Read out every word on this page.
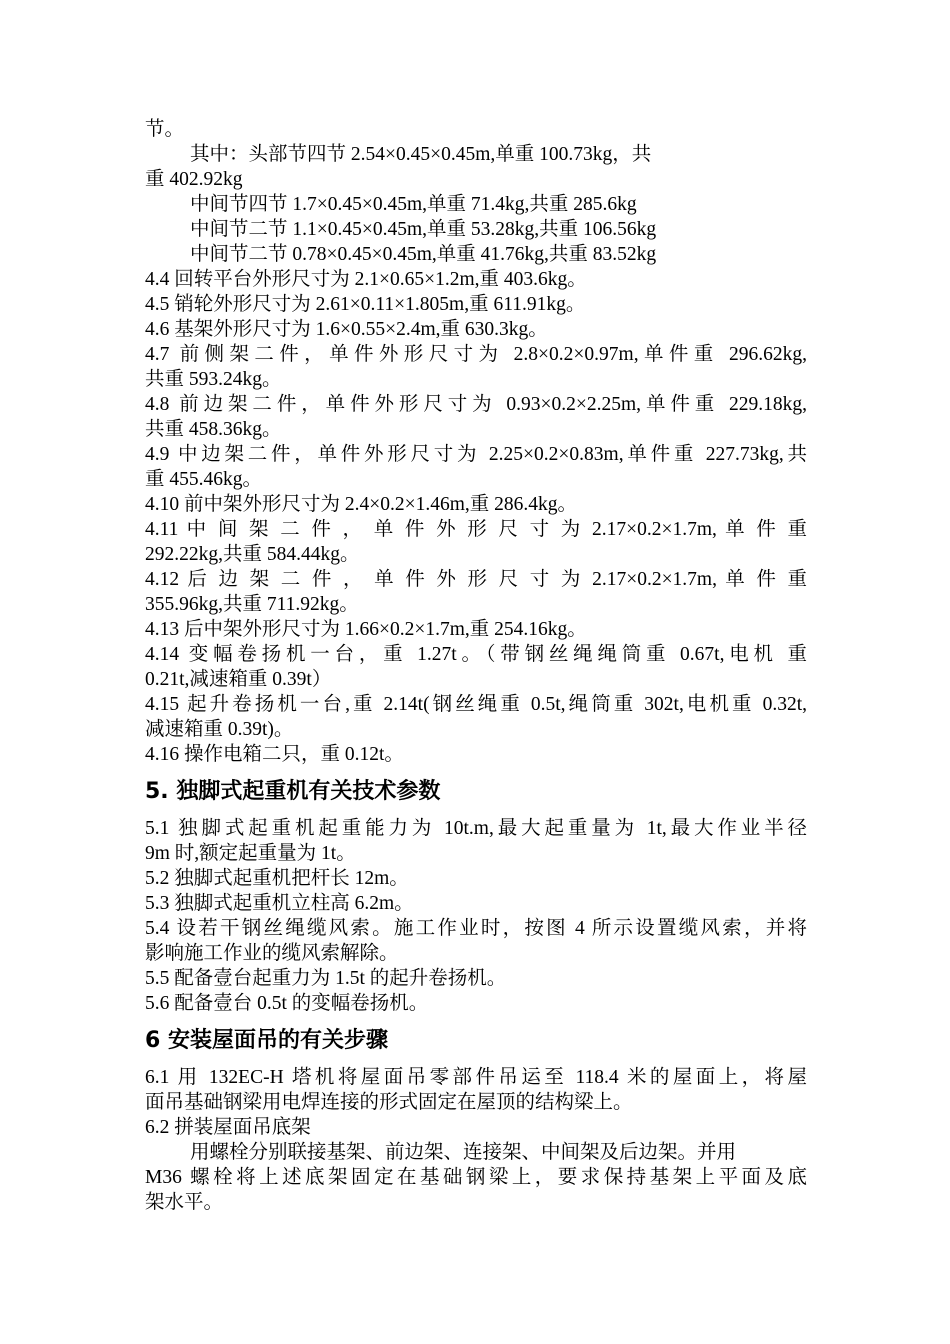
节。
其中：头部节四节 2.54×0.45×0.45m,单重 100.73kg，共
重 402.92kg
中间节四节 1.7×0.45×0.45m,单重 71.4kg,共重 285.6kg
中间节二节 1.1×0.45×0.45m,单重 53.28kg,共重 106.56kg
中间节二节 0.78×0.45×0.45m,单重 41.76kg,共重 83.52kg
4.4 回转平台外形尺寸为 2.1×0.65×1.2m,重 403.6kg。
4.5 销轮外形尺寸为 2.61×0.11×1.805m,重 611.91kg。
4.6 基架外形尺寸为 1.6×0.55×2.4m,重 630.3kg。
4.7 前侧架二件，单件外形尺寸为 2.8×0.2×0.97m,单件重 296.62kg,
共重 593.24kg。
4.8 前边架二件，单件外形尺寸为 0.93×0.2×2.25m,单件重 229.18kg,
共重 458.36kg。
4.9 中边架二件，单件外形尺寸为 2.25×0.2×0.83m,单件重 227.73kg,共
重 455.46kg。
4.10 前中架外形尺寸为 2.4×0.2×1.46m,重 286.4kg。
4.11 中 间 架 二 件 ， 单 件 外 形 尺 寸 为 2.17×0.2×1.7m, 单 件 重
292.22kg,共重 584.44kg。
4.12 后 边 架 二 件 ， 单 件 外 形 尺 寸 为 2.17×0.2×1.7m, 单 件 重
355.96kg,共重 711.92kg。
4.13 后中架外形尺寸为 1.66×0.2×1.7m,重 254.16kg。
4.14 变幅卷扬机一台，重 1.27t。（带钢丝绳绳筒重 0.67t,电机 重
0.21t,减速箱重 0.39t）
4.15 起升卷扬机一台,重 2.14t(钢丝绳重 0.5t,绳筒重 302t,电机重 0.32t,
减速箱重 0.39t)。
4.16 操作电箱二只，重 0.12t。
5. 独脚式起重机有关技术参数
5.1 独脚式起重机起重能力为 10t.m,最大起重量为 1t,最大作业半径
9m 时,额定起重量为 1t。
5.2 独脚式起重机把杆长 12m。
5.3 独脚式起重机立柱高 6.2m。
5.4 设若干钢丝绳缆风索。施工作业时，按图 4 所示设置缆风索，并将
影响施工作业的缆风索解除。
5.5 配备壹台起重力为 1.5t 的起升卷扬机。
5.6 配备壹台 0.5t 的变幅卷扬机。
6 安装屋面吊的有关步骤
6.1 用 132EC-H 塔机将屋面吊零部件吊运至 118.4 米的屋面上，将屋
面吊基础钢梁用电焊连接的形式固定在屋顶的结构梁上。
6.2 拼装屋面吊底架
用螺栓分别联接基架、前边架、连接架、中间架及后边架。并用
M36 螺栓将上述底架固定在基础钢梁上，要求保持基架上平面及底
架水平。
